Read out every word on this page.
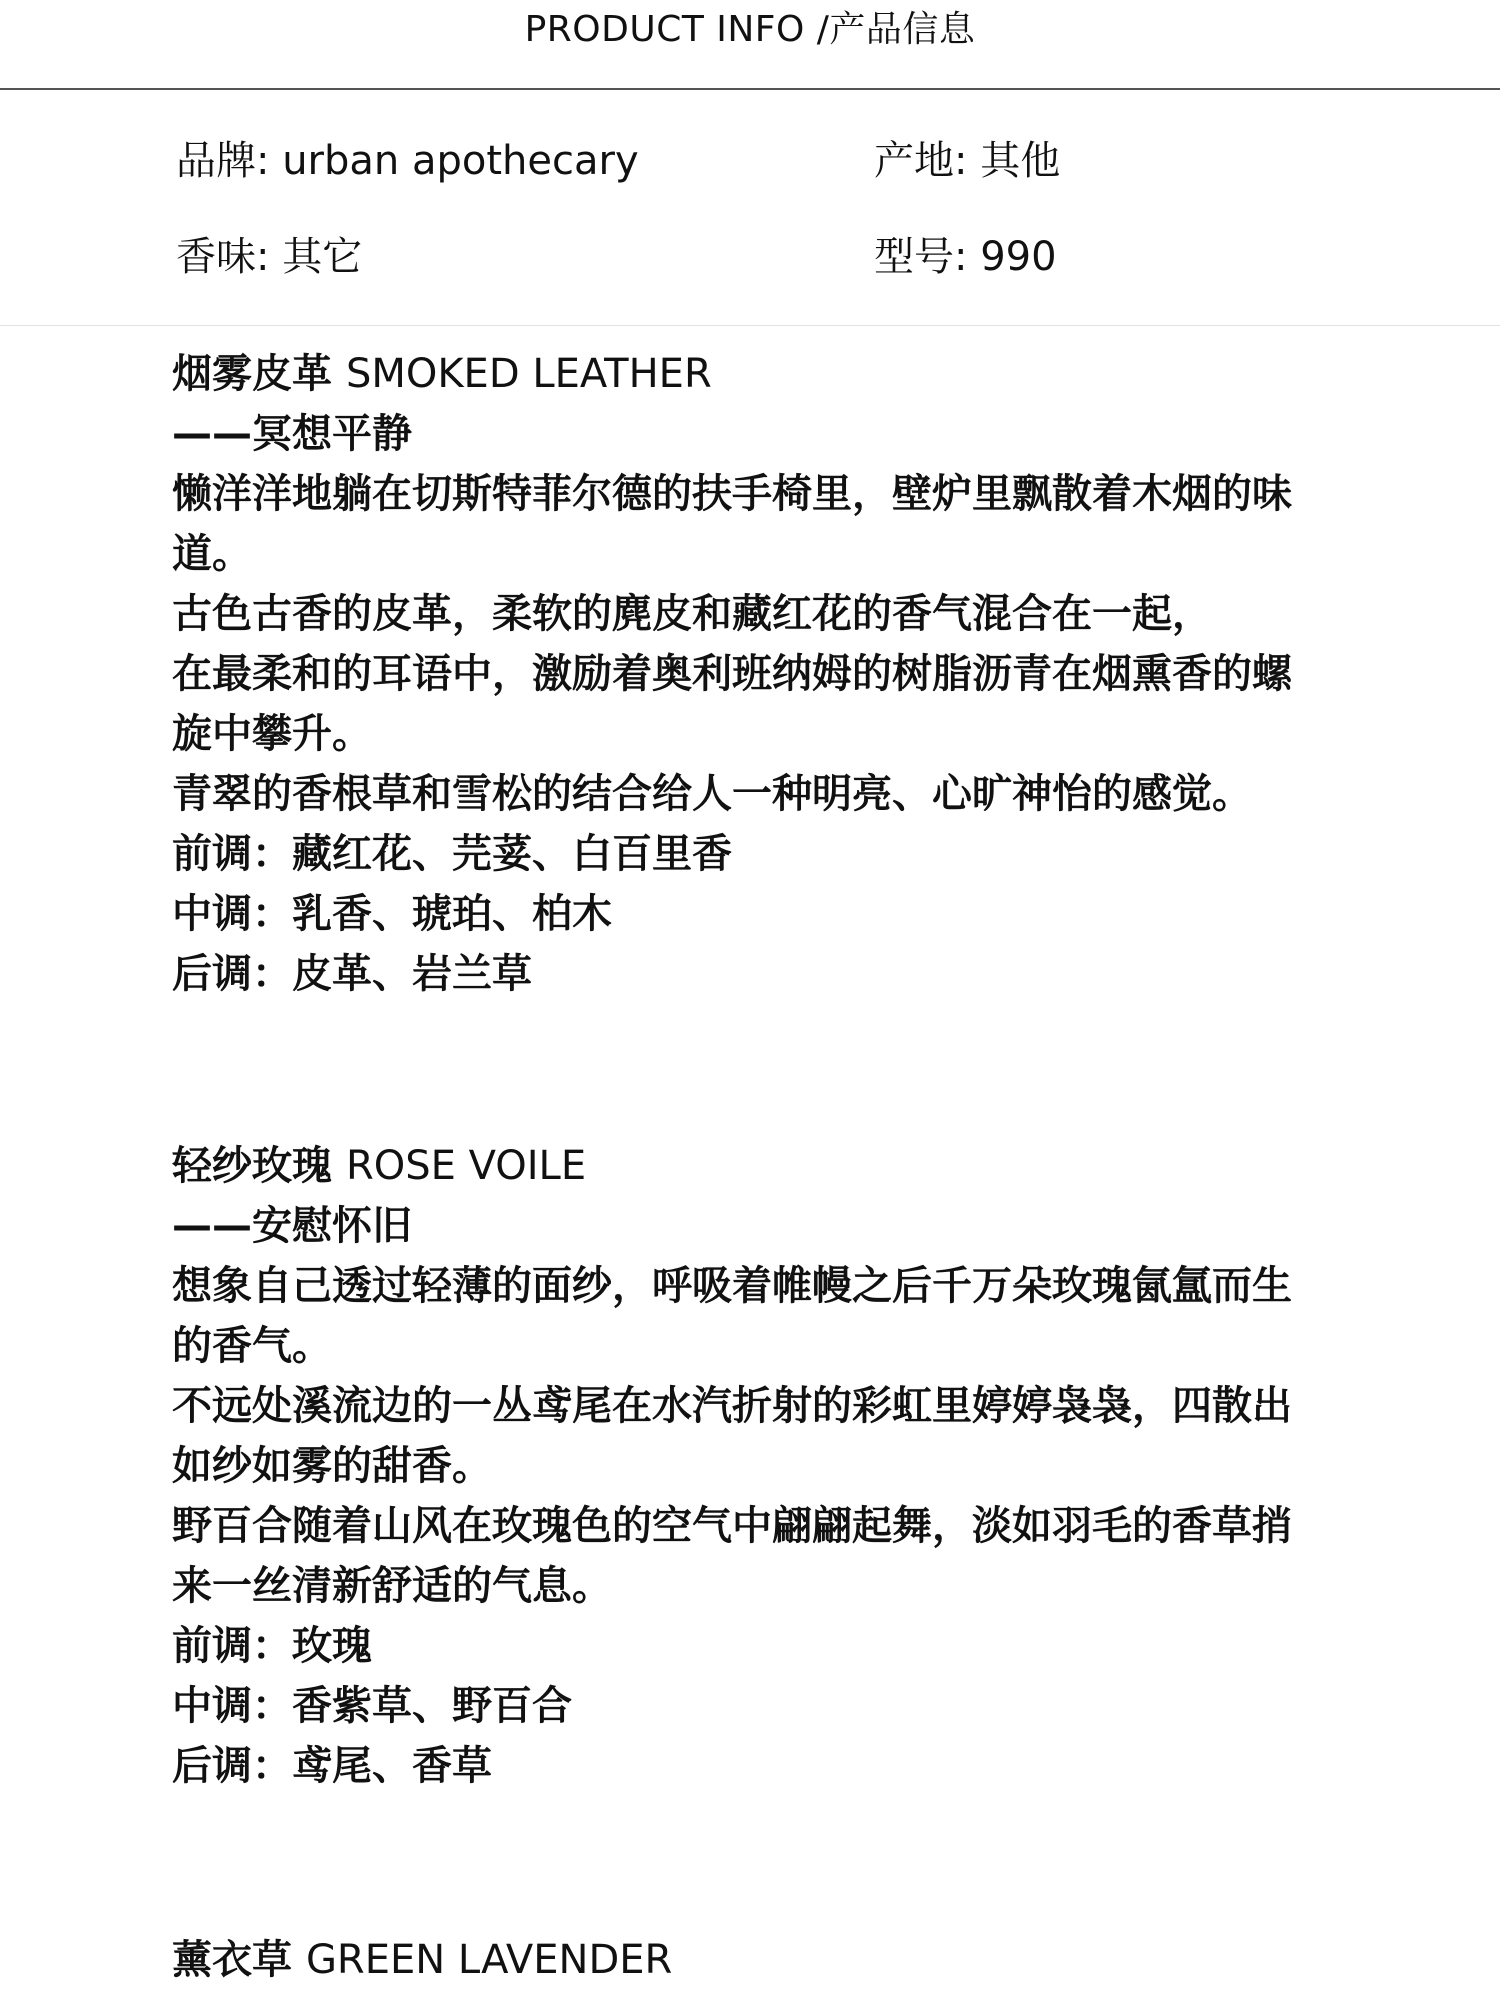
PRODUCT INFO /产品信息
品牌: urban apothecary	产地: 其他
香味: 其它	型号: 990
烟雾皮革 SMOKED LEATHER
——冥想平静
懒洋洋地躺在切斯特菲尔德的扶手椅里，壁炉里飘散着木烟的味
道。
古色古香的皮革，柔软的麂皮和藏红花的香气混合在一起，
在最柔和的耳语中，激励着奥利班纳姆的树脂沥青在烟熏香的螺
旋中攀升。
青翠的香根草和雪松的结合给人一种明亮、心旷神怡的感觉。
前调：藏红花、芫荽、白百里香
中调：乳香、琥珀、柏木
后调：皮革、岩兰草
轻纱玫瑰 ROSE VOILE
——安慰怀旧
想象自己透过轻薄的面纱，呼吸着帷幔之后千万朵玫瑰氤氲而生
的香气。
不远处溪流边的一丛鸢尾在水汽折射的彩虹里婷婷袅袅，四散出
如纱如雾的甜香。
野百合随着山风在玫瑰色的空气中翩翩起舞，淡如羽毛的香草捎
来一丝清新舒适的气息。
前调：玫瑰
中调：香紫草、野百合
后调：鸢尾、香草
薰衣草 GREEN LAVENDER
